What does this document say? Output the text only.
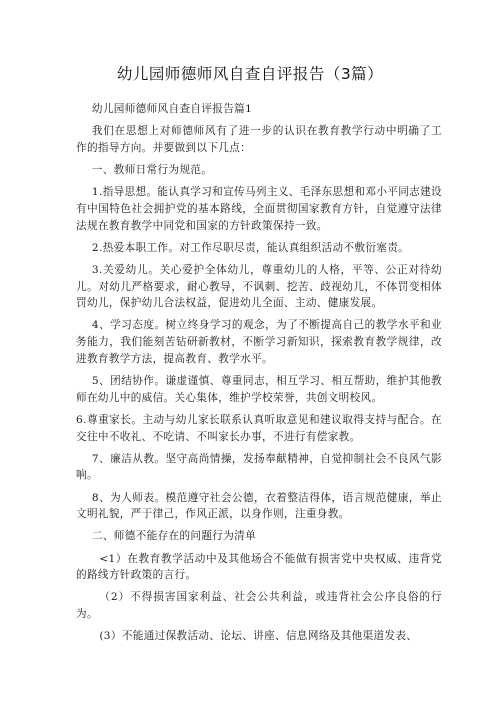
幼儿园师德师风自查自评报告（3篇）

幼儿园师德师风自查自评报告篇1

我们在思想上对师德师风有了进一步的认识在教育教学行动中明确了工作的指导方向。并要做到以下几点：

一、教师日常行为规范。

1.指导思想。能认真学习和宣传马列主义、毛泽东思想和邓小平同志建设有中国特色社会拥护党的基本路线，全面贯彻国家教育方针，自觉遵守法律法规在教育教学中同党和国家的方针政策保持一致。

2.热爱本职工作。对工作尽职尽责，能认真组织活动不敷衍塞责。

3.关爱幼儿。关心爱护全体幼儿，尊重幼儿的人格，平等、公正对待幼儿。对幼儿严格要求，耐心教导，不讽刺、挖苦、歧视幼儿，不体罚变相体罚幼儿，保护幼儿合法权益，促进幼儿全面、主动、健康发展。

4、学习态度。树立终身学习的观念，为了不断提高自己的教学水平和业务能力，我们能刻苦钻研新教材，不断学习新知识，探索教育教学规律，改进教育教学方法，提高教育、教学水平。

5、团结协作。谦虚谨慎、尊重同志，相互学习、相互帮助，维护其他教师在幼儿中的威信。关心集体，维护学校荣誉，共创文明校风。

6.尊重家长。主动与幼儿家长联系认真听取意见和建议取得支持与配合。在交往中不收礼、不吃请、不叫家长办事，不进行有偿家教。

7、廉洁从教。坚守高尚情操，发扬奉献精神，自觉抑制社会不良风气影响。

8、为人师表。模范遵守社会公德，衣着整洁得体，语言规范健康，举止文明礼貌，严于律己，作风正派，以身作则，注重身教。

二、师德不能存在的问题行为清单

<1）在教育教学活动中及其他场合不能做有损害党中央权威、违背党的路线方针政策的言行。

（2）不得损害国家利益、社会公共利益，或违背社会公序良俗的行为。

(3）不能通过保教活动、论坛、讲座、信息网络及其他渠道发表、
